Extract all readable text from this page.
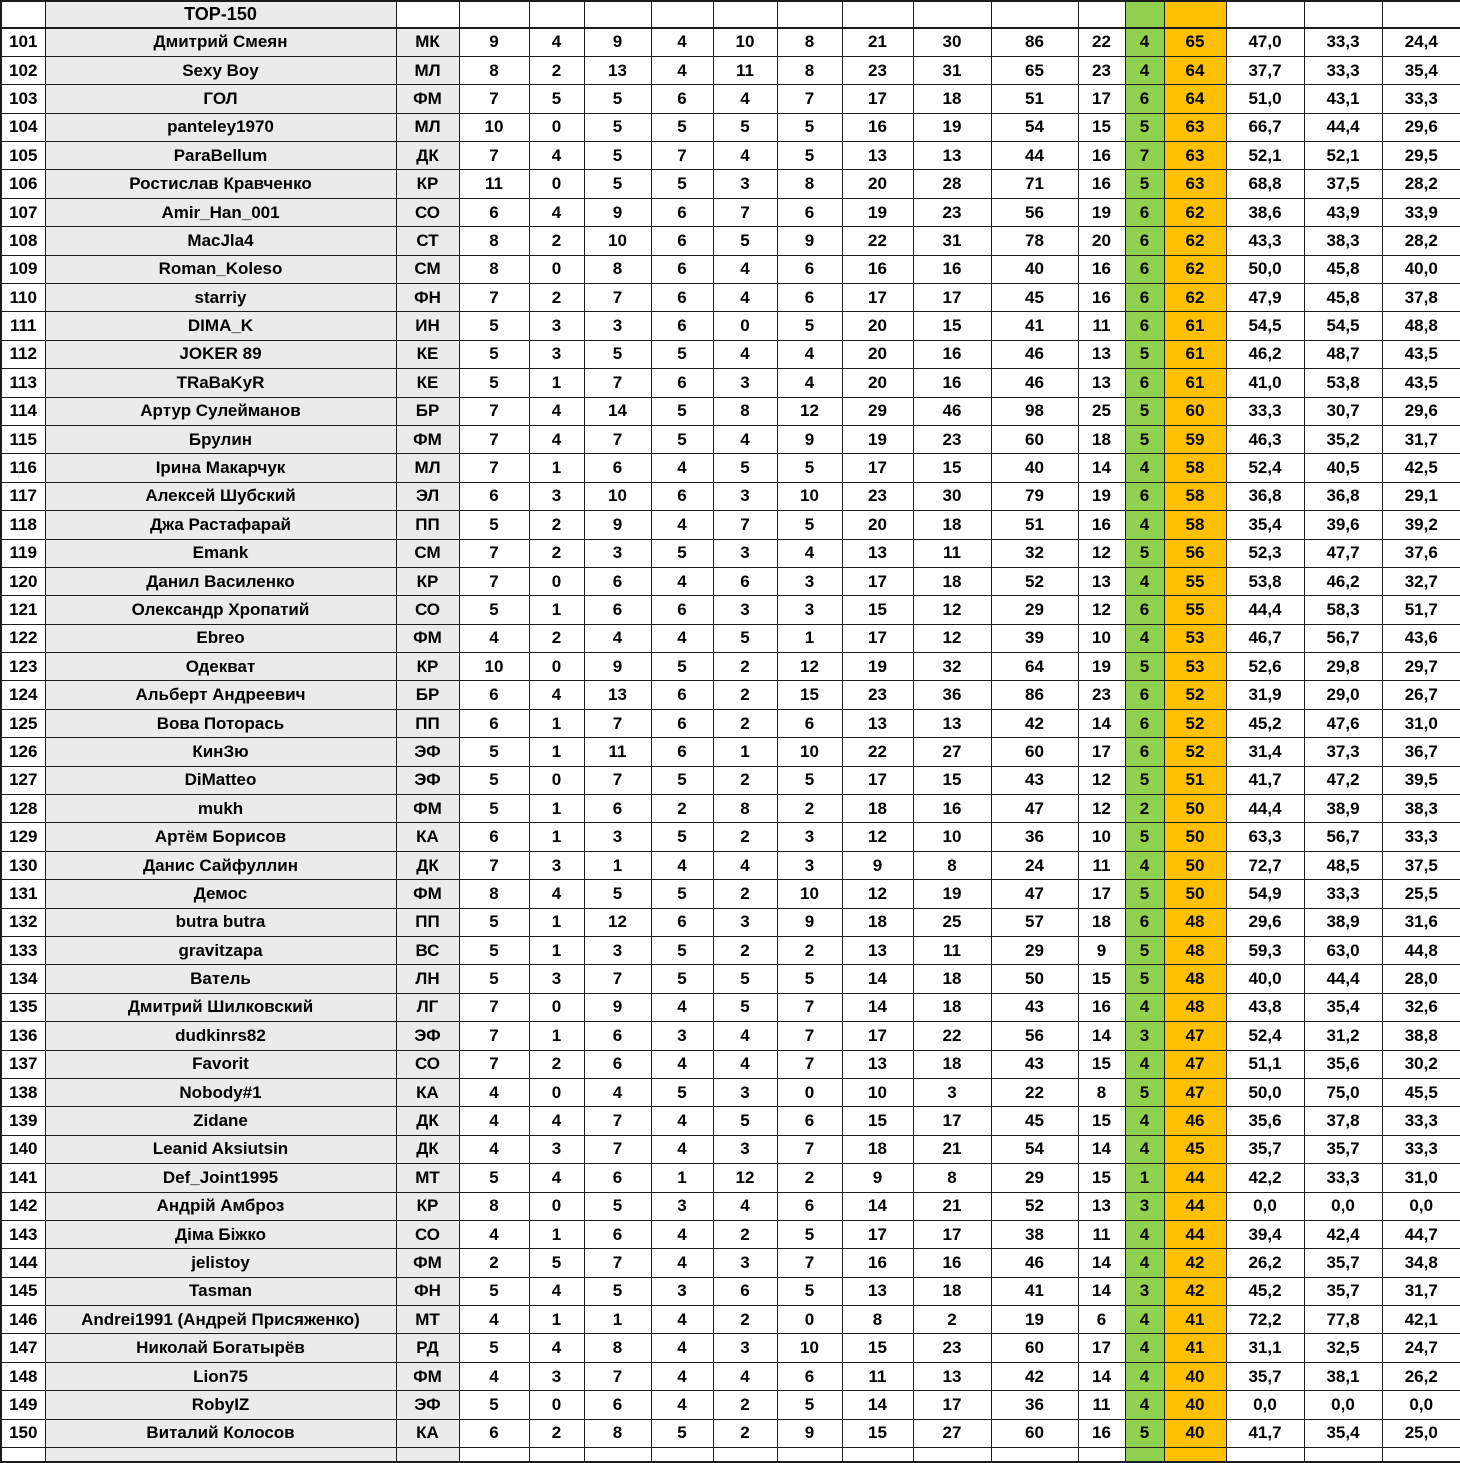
	TOP-150																
101	Дмитрий Смеян	МК	9	4	9	4	10	8	21	30	86	22	4	65	47,0	33,3	24,4
102	Sexy Boy	МЛ	8	2	13	4	11	8	23	31	65	23	4	64	37,7	33,3	35,4
103	ГОЛ	ФМ	7	5	5	6	4	7	17	18	51	17	6	64	51,0	43,1	33,3
104	panteley1970	МЛ	10	0	5	5	5	5	16	19	54	15	5	63	66,7	44,4	29,6
105	ParaBellum	ДК	7	4	5	7	4	5	13	13	44	16	7	63	52,1	52,1	29,5
106	Ростислав Кравченко	КР	11	0	5	5	3	8	20	28	71	16	5	63	68,8	37,5	28,2
107	Amir_Han_001	СО	6	4	9	6	7	6	19	23	56	19	6	62	38,6	43,9	33,9
108	MacJla4	СТ	8	2	10	6	5	9	22	31	78	20	6	62	43,3	38,3	28,2
109	Roman_Koleso	СМ	8	0	8	6	4	6	16	16	40	16	6	62	50,0	45,8	40,0
110	starriy	ФН	7	2	7	6	4	6	17	17	45	16	6	62	47,9	45,8	37,8
111	DIMA_K	ИН	5	3	3	6	0	5	20	15	41	11	6	61	54,5	54,5	48,8
112	JOKER 89	КЕ	5	3	5	5	4	4	20	16	46	13	5	61	46,2	48,7	43,5
113	TRaBaKyR	КЕ	5	1	7	6	3	4	20	16	46	13	6	61	41,0	53,8	43,5
114	Артур Сулейманов	БР	7	4	14	5	8	12	29	46	98	25	5	60	33,3	30,7	29,6
115	Брулин	ФМ	7	4	7	5	4	9	19	23	60	18	5	59	46,3	35,2	31,7
116	Ірина Макарчук	МЛ	7	1	6	4	5	5	17	15	40	14	4	58	52,4	40,5	42,5
117	Алексей Шубский	ЭЛ	6	3	10	6	3	10	23	30	79	19	6	58	36,8	36,8	29,1
118	Джа Растафарай	ПП	5	2	9	4	7	5	20	18	51	16	4	58	35,4	39,6	39,2
119	Emank	СМ	7	2	3	5	3	4	13	11	32	12	5	56	52,3	47,7	37,6
120	Данил Василенко	КР	7	0	6	4	6	3	17	18	52	13	4	55	53,8	46,2	32,7
121	Олександр Хропатий	СО	5	1	6	6	3	3	15	12	29	12	6	55	44,4	58,3	51,7
122	Ebreo	ФМ	4	2	4	4	5	1	17	12	39	10	4	53	46,7	56,7	43,6
123	Одекват	КР	10	0	9	5	2	12	19	32	64	19	5	53	52,6	29,8	29,7
124	Альберт Андреевич	БР	6	4	13	6	2	15	23	36	86	23	6	52	31,9	29,0	26,7
125	Вова Поторась	ПП	6	1	7	6	2	6	13	13	42	14	6	52	45,2	47,6	31,0
126	КинЗю	ЭФ	5	1	11	6	1	10	22	27	60	17	6	52	31,4	37,3	36,7
127	DiMatteo	ЭФ	5	0	7	5	2	5	17	15	43	12	5	51	41,7	47,2	39,5
128	mukh	ФМ	5	1	6	2	8	2	18	16	47	12	2	50	44,4	38,9	38,3
129	Артём Борисов	КА	6	1	3	5	2	3	12	10	36	10	5	50	63,3	56,7	33,3
130	Данис Сайфуллин	ДК	7	3	1	4	4	3	9	8	24	11	4	50	72,7	48,5	37,5
131	Демос	ФМ	8	4	5	5	2	10	12	19	47	17	5	50	54,9	33,3	25,5
132	butra butra	ПП	5	1	12	6	3	9	18	25	57	18	6	48	29,6	38,9	31,6
133	gravitzapa	ВС	5	1	3	5	2	2	13	11	29	9	5	48	59,3	63,0	44,8
134	Ватель	ЛН	5	3	7	5	5	5	14	18	50	15	5	48	40,0	44,4	28,0
135	Дмитрий Шилковский	ЛГ	7	0	9	4	5	7	14	18	43	16	4	48	43,8	35,4	32,6
136	dudkinrs82	ЭФ	7	1	6	3	4	7	17	22	56	14	3	47	52,4	31,2	38,8
137	Favorit	СО	7	2	6	4	4	7	13	18	43	15	4	47	51,1	35,6	30,2
138	Nobody#1	КА	4	0	4	5	3	0	10	3	22	8	5	47	50,0	75,0	45,5
139	Zidane	ДК	4	4	7	4	5	6	15	17	45	15	4	46	35,6	37,8	33,3
140	Leanid Aksiutsin	ДК	4	3	7	4	3	7	18	21	54	14	4	45	35,7	35,7	33,3
141	Def_Joint1995	МТ	5	4	6	1	12	2	9	8	29	15	1	44	42,2	33,3	31,0
142	Андрій Амброз	КР	8	0	5	3	4	6	14	21	52	13	3	44	0,0	0,0	0,0
143	Діма Біжко	СО	4	1	6	4	2	5	17	17	38	11	4	44	39,4	42,4	44,7
144	jelistoy	ФМ	2	5	7	4	3	7	16	16	46	14	4	42	26,2	35,7	34,8
145	Tasman	ФН	5	4	5	3	6	5	13	18	41	14	3	42	45,2	35,7	31,7
146	Andrei1991 (Андрей Присяженко)	МТ	4	1	1	4	2	0	8	2	19	6	4	41	72,2	77,8	42,1
147	Николай Богатырёв	РД	5	4	8	4	3	10	15	23	60	17	4	41	31,1	32,5	24,7
148	Lion75	ФМ	4	3	7	4	4	6	11	13	42	14	4	40	35,7	38,1	26,2
149	RobyIZ	ЭФ	5	0	6	4	2	5	14	17	36	11	4	40	0,0	0,0	0,0
150	Виталий Колосов	КА	6	2	8	5	2	9	15	27	60	16	5	40	41,7	35,4	25,0
